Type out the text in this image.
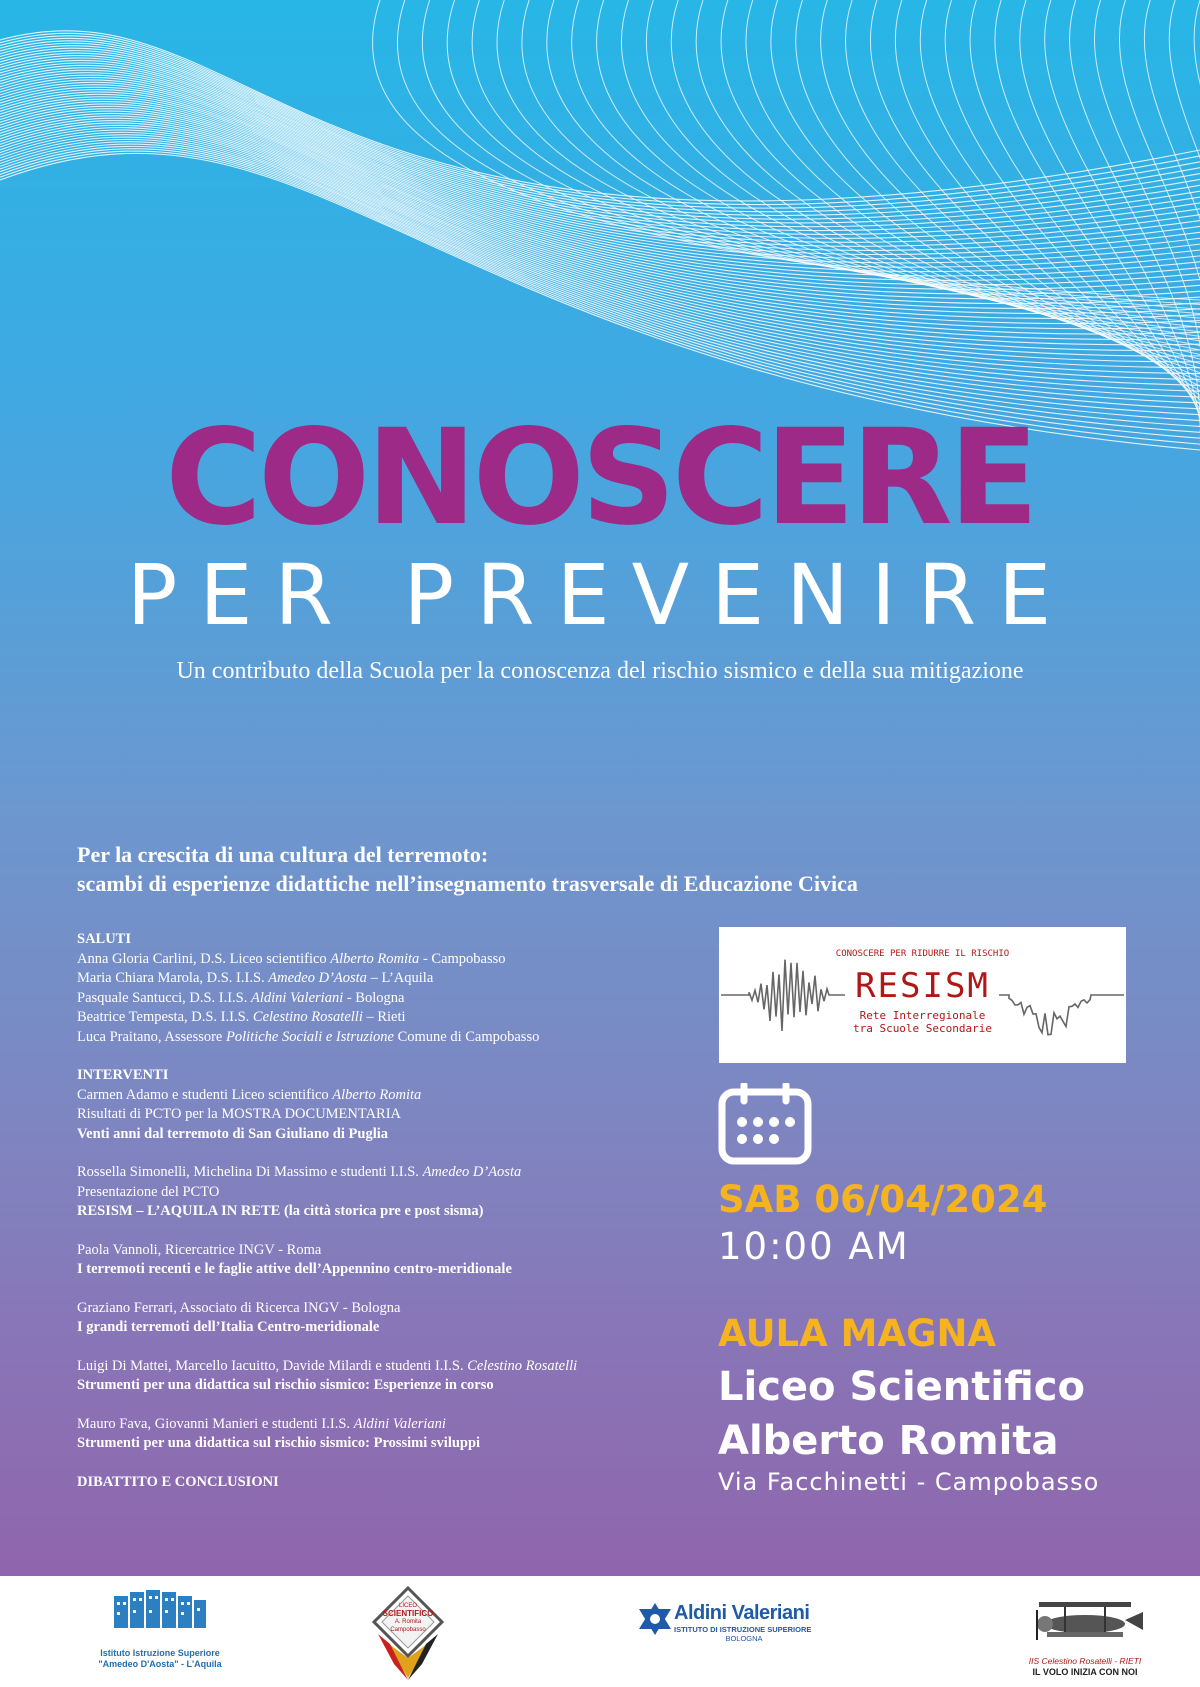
CONOSCERE
PER PREVENIRE
Un contributo della Scuola per la conoscenza del rischio sismico e della sua mitigazione
Per la crescita di una cultura del terremoto:
scambi di esperienze didattiche nell’insegnamento trasversale di Educazione Civica
SALUTI
Anna Gloria Carlini, D.S. Liceo scientifico Alberto Romita - Campobasso
Maria Chiara Marola, D.S. I.I.S. Amedeo D’Aosta – L’Aquila
Pasquale Santucci, D.S. I.I.S. Aldini Valeriani - Bologna
Beatrice Tempesta, D.S. I.I.S. Celestino Rosatelli – Rieti
Luca Praitano, Assessore Politiche Sociali e Istruzione Comune di Campobasso
INTERVENTI
Carmen Adamo e studenti Liceo scientifico Alberto Romita
Risultati di PCTO per la MOSTRA DOCUMENTARIA
Venti anni dal terremoto di San Giuliano di Puglia
Rossella Simonelli, Michelina Di Massimo e studenti I.I.S. Amedeo D’Aosta
Presentazione del PCTO
RESISM – L’AQUILA IN RETE (la città storica pre e post sisma)
Paola Vannoli, Ricercatrice INGV - Roma
I terremoti recenti e le faglie attive dell’Appennino centro-meridionale
Graziano Ferrari, Associato di Ricerca INGV - Bologna
I grandi terremoti dell’Italia Centro-meridionale
Luigi Di Mattei, Marcello Iacuitto, Davide Milardi e studenti I.I.S. Celestino Rosatelli
Strumenti per una didattica sul rischio sismico: Esperienze in corso
Mauro Fava, Giovanni Manieri e studenti I.I.S. Aldini Valeriani
Strumenti per una didattica sul rischio sismico: Prossimi sviluppi
DIBATTITO E CONCLUSIONI
CONOSCERE PER RIDURRE IL RISCHIO
RESISM
Rete Interregionale
tra Scuole Secondarie
SAB 06/04/2024
10:00 AM
AULA MAGNA
Liceo Scientifico
Alberto Romita
Via Facchinetti - Campobasso
Istituto Istruzione Superiore
"Amedeo D'Aosta" - L'Aquila
LICEO
SCIENTIFICO
A. Romita
Campobasso
Aldini Valeriani
ISTITUTO DI ISTRUZIONE SUPERIORE
BOLOGNA
IIS Celestino Rosatelli - RIETI
IL VOLO INIZIA CON NOI
